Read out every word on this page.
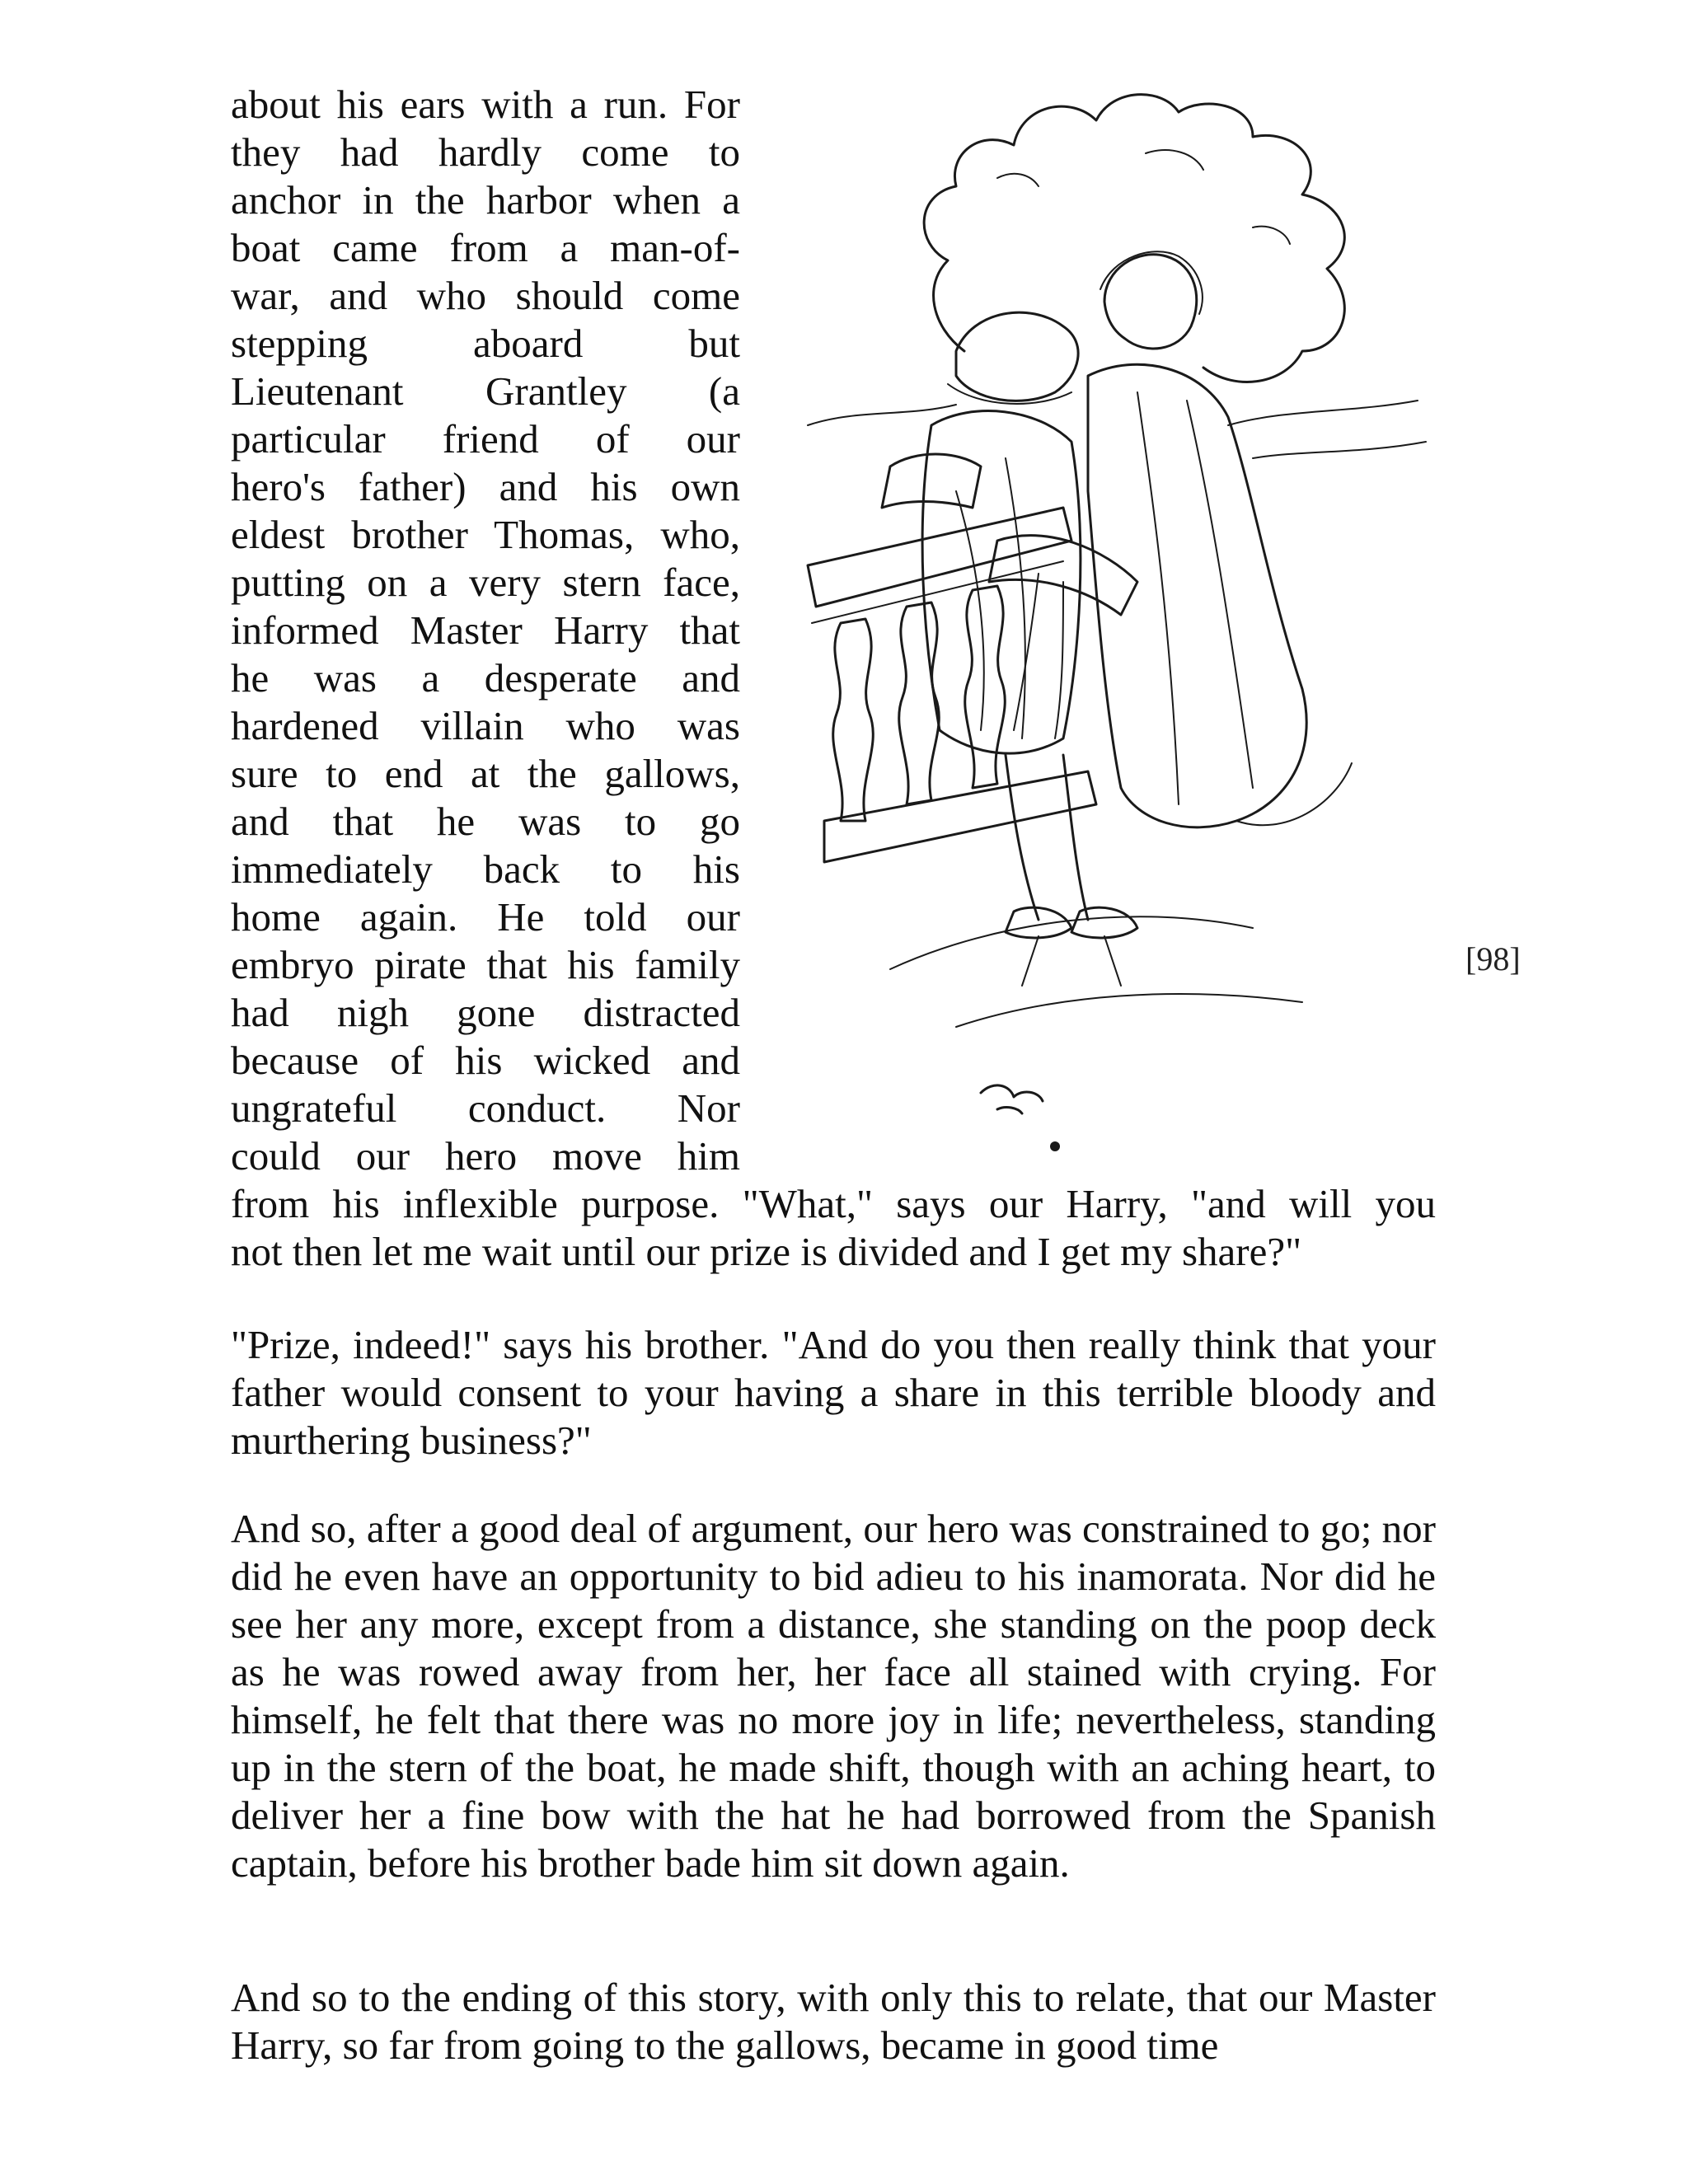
about his ears with a run. For
they had hardly come to
anchor in the harbor when a
boat came from a man-of-
war, and who should come
stepping aboard but
Lieutenant Grantley (a
particular friend of our
hero's father) and his own
eldest brother Thomas, who,
putting on a very stern face,
informed Master Harry that
he was a desperate and
hardened villain who was
sure to end at the gallows,
and that he was to go
immediately back to his
home again. He told our
embryo pirate that his family
had nigh gone distracted
because of his wicked and
ungrateful conduct. Nor
could our hero move him
from his inflexible purpose. "What," says our Harry, "and will you
not then let me wait until our prize is divided and I get my share?"
[98]

"Prize, indeed!" says his brother. "And do you then really think that your father would consent to your having a share in this terrible bloody and murthering business?"

And so, after a good deal of argument, our hero was constrained to go; nor did he even have an opportunity to bid adieu to his inamorata. Nor did he see her any more, except from a distance, she standing on the poop deck as he was rowed away from her, her face all stained with crying. For himself, he felt that there was no more joy in life; nevertheless, standing up in the stern of the boat, he made shift, though with an aching heart, to deliver her a fine bow with the hat he had borrowed from the Spanish captain, before his brother bade him sit down again.

And so to the ending of this story, with only this to relate, that our Master Harry, so far from going to the gallows, became in good time
